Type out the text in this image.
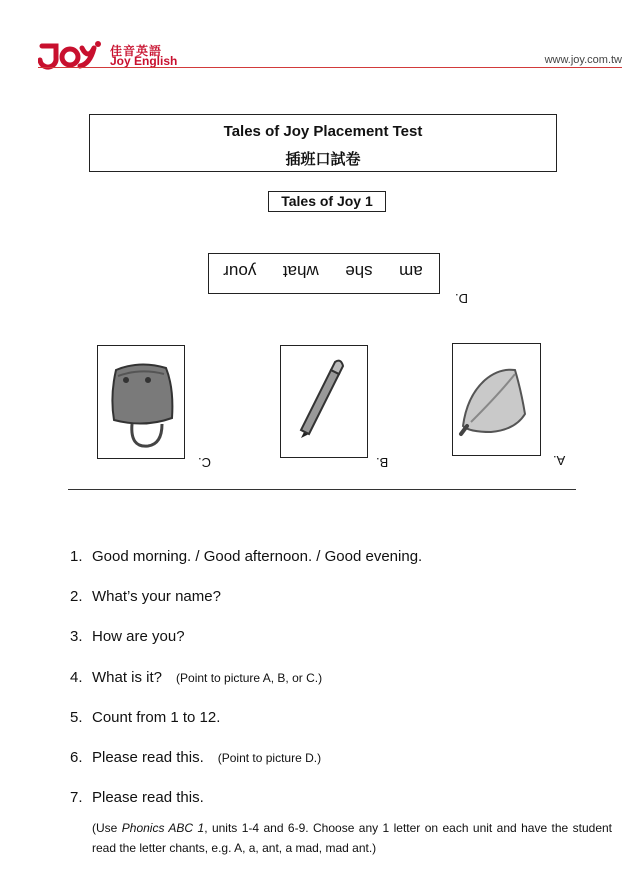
佳音英語
Joy English	www.joy.com.tw
Tales of Joy Placement Test
插班口試卷
Tales of Joy 1
am
she
what
your
D.
C.	B.	A.
1. Good morning. / Good afternoon. / Good evening.
2. What’s your name?
3. How are you?
4. What is it? (Point to picture A, B, or C.)
5. Count from 1 to 12.
6. Please read this. (Point to picture D.)
7. Please read this.
(Use Phonics ABC 1, units 1-4 and 6-9. Choose any 1 letter on each unit and have the student read the letter chants, e.g. A, a, ant, a mad, mad ant.)
